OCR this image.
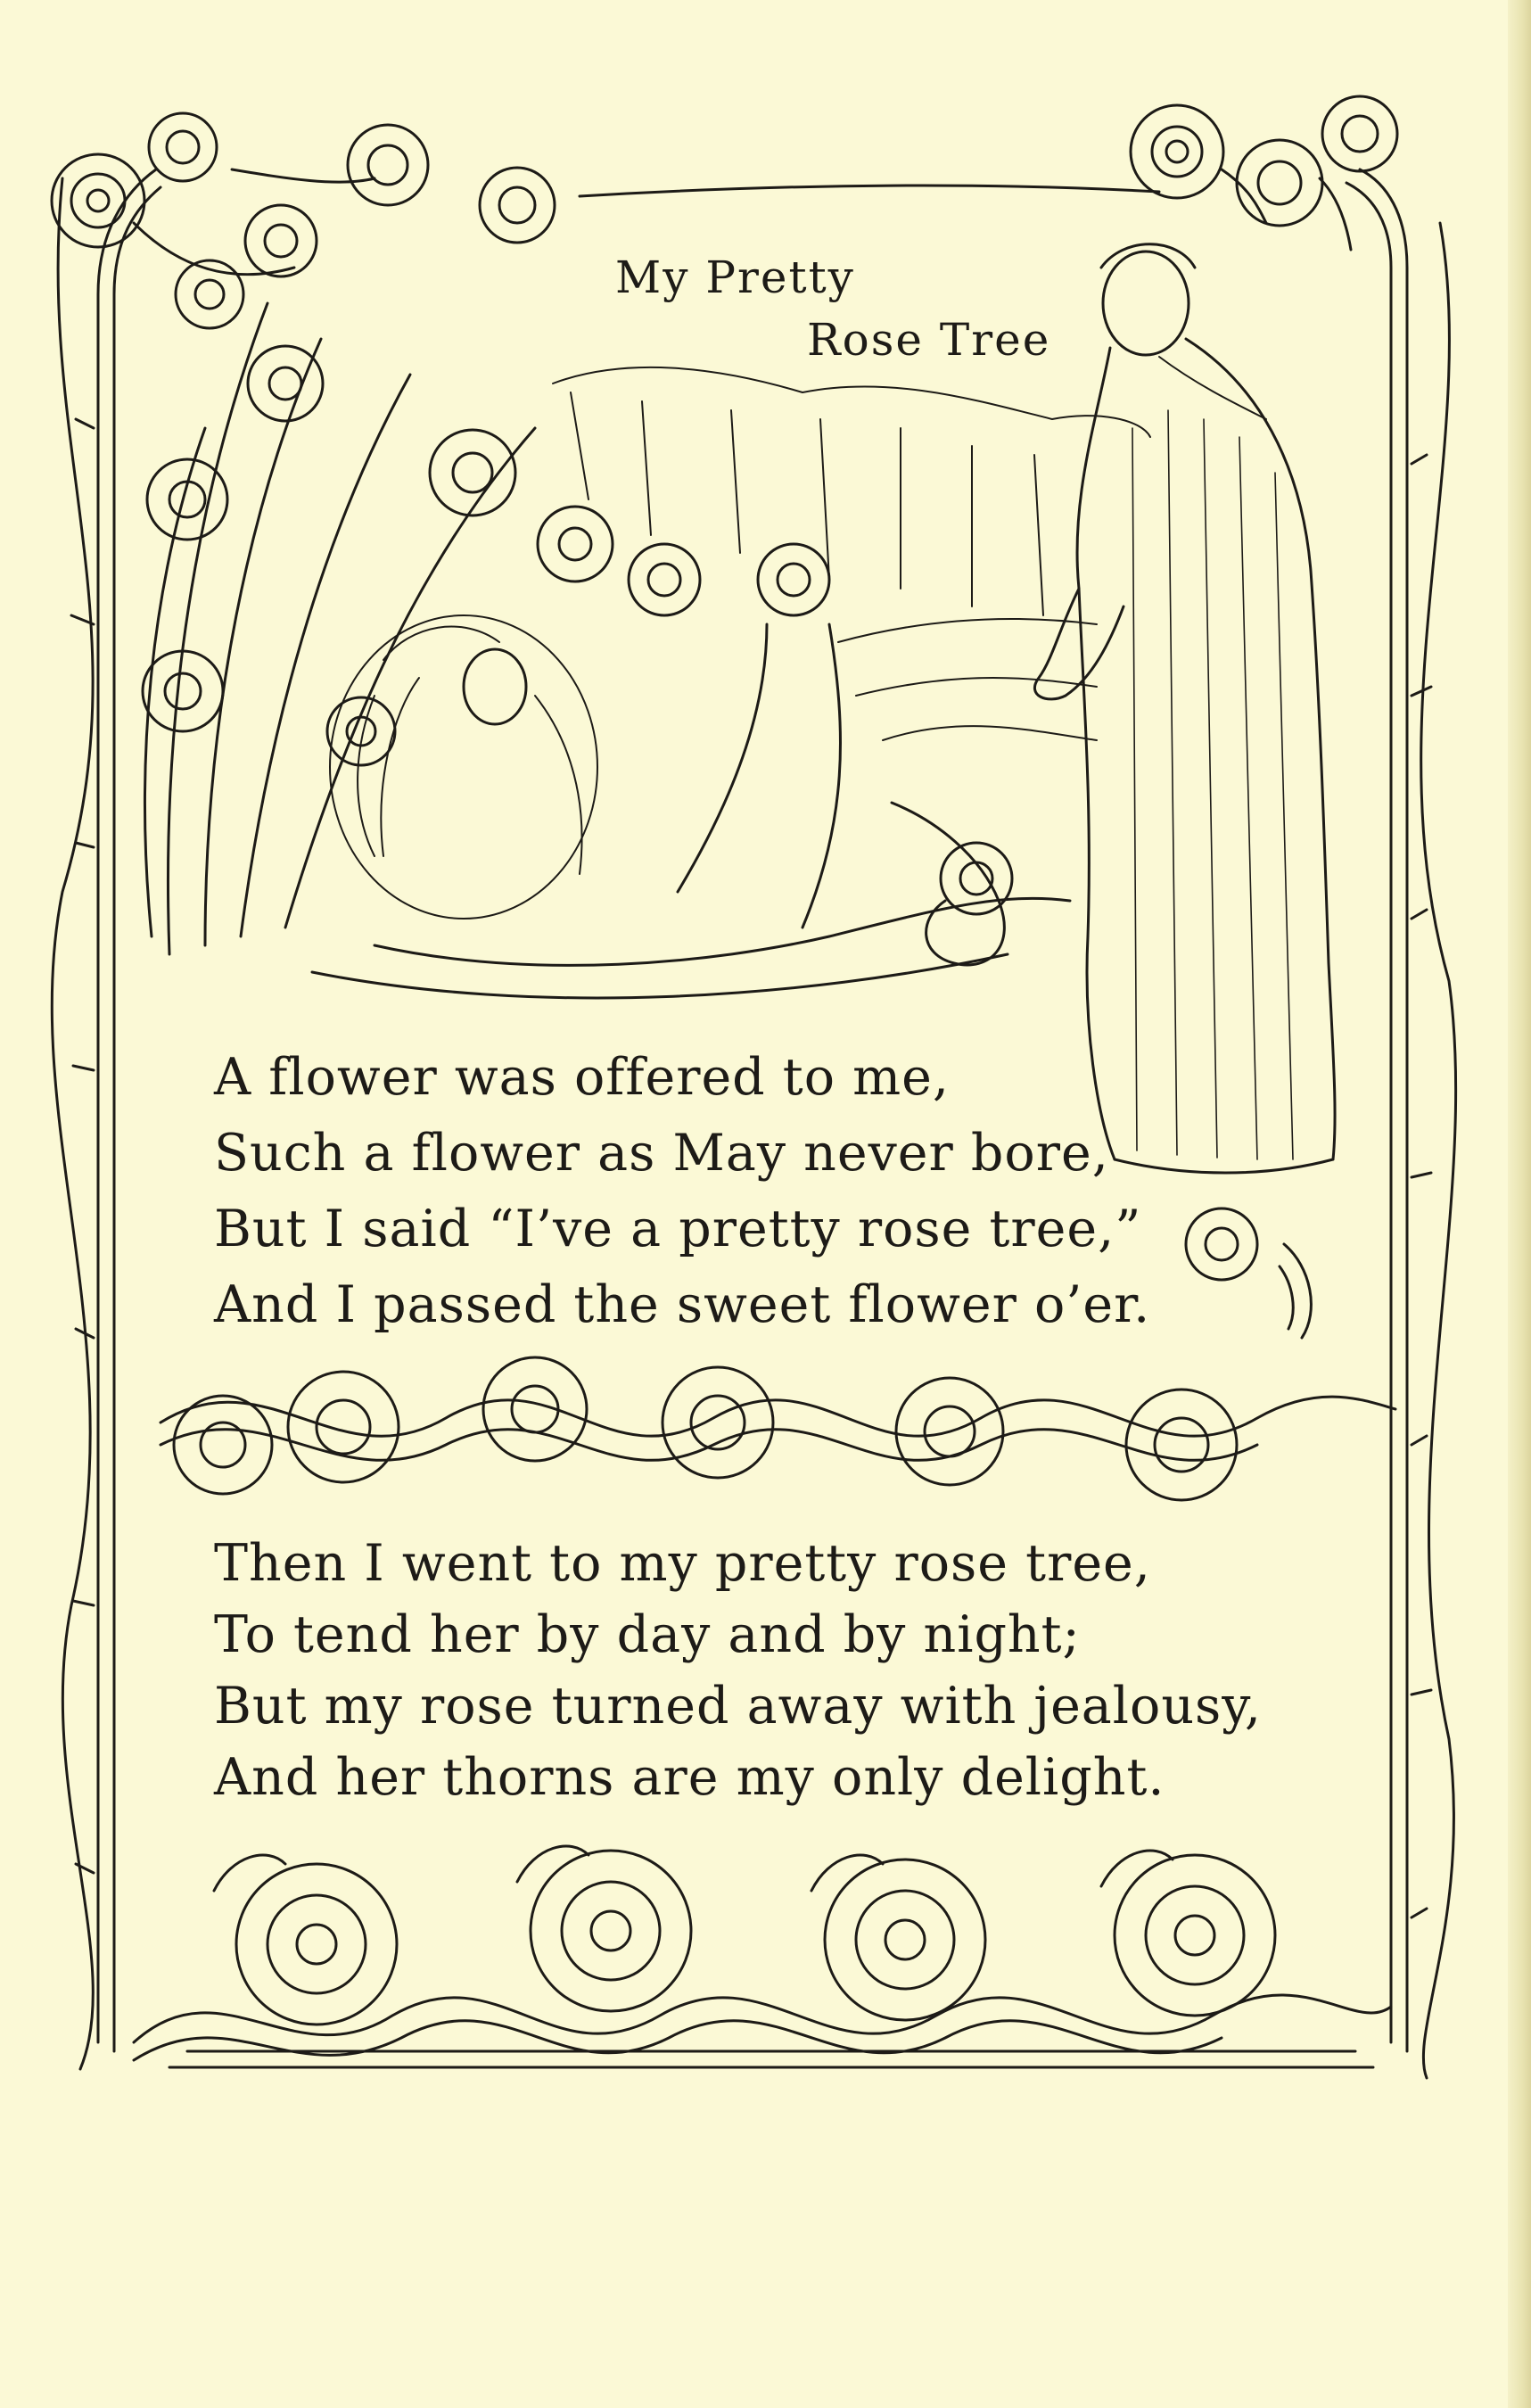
My Pretty
Rose Tree
A flower was offered to me,
Such a flower as May never bore,
But I said “I’ve a pretty rose tree,”
And I passed the sweet flower o’er.
Then I went to my pretty rose tree,
To tend her by day and by night;
But my rose turned away with jealousy,
And her thorns are my only delight.
